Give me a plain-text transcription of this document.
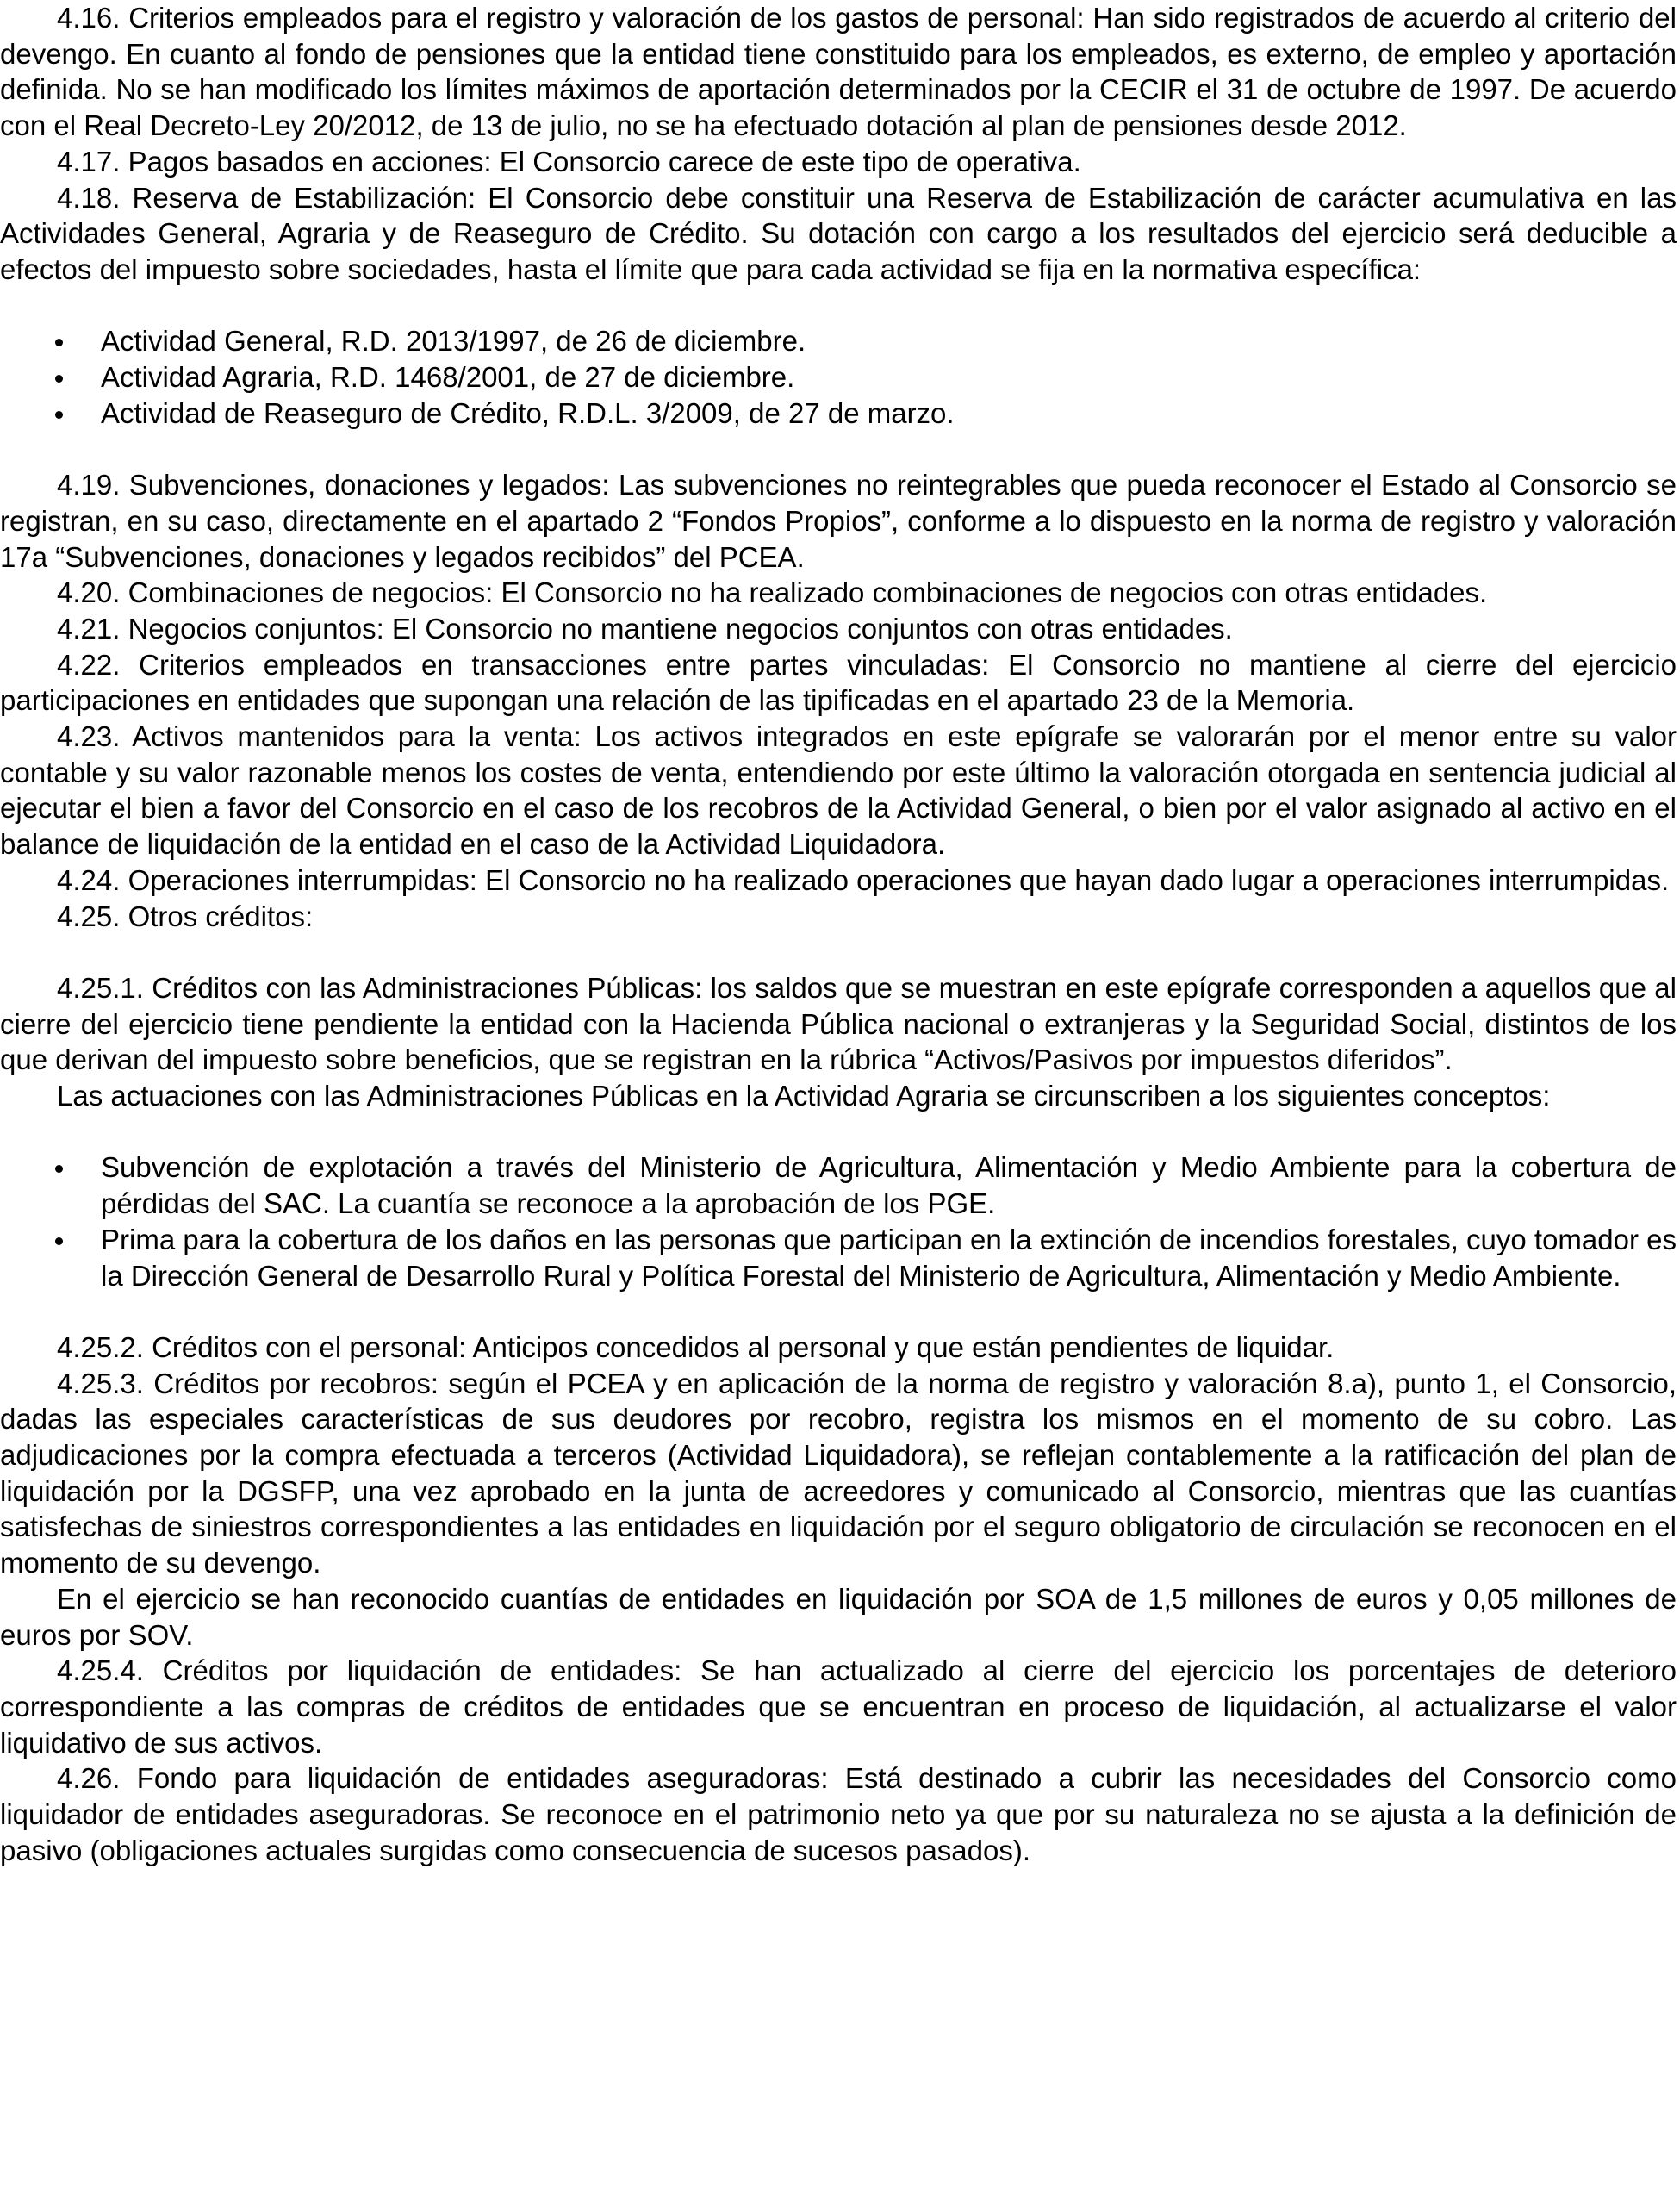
4.16. Criterios empleados para el registro y valoración de los gastos de personal: Han sido registrados de acuerdo al criterio del devengo. En cuanto al fondo de pensiones que la entidad tiene constituido para los empleados, es externo, de empleo y aportación definida. No se han modificado los límites máximos de aportación determinados por la CECIR el 31 de octubre de 1997. De acuerdo con el Real Decreto-Ley 20/2012, de 13 de julio, no se ha efectuado dotación al plan de pensiones desde 2012.

4.17. Pagos basados en acciones: El Consorcio carece de este tipo de operativa.

4.18. Reserva de Estabilización: El Consorcio debe constituir una Reserva de Estabilización de carácter acumulativa en las Actividades General, Agraria y de Reaseguro de Crédito. Su dotación con cargo a los resultados del ejercicio será deducible a efectos del impuesto sobre sociedades, hasta el límite que para cada actividad se fija en la normativa específica:

Actividad General, R.D. 2013/1997, de 26 de diciembre.
Actividad Agraria, R.D. 1468/2001, de 27 de diciembre.
Actividad de Reaseguro de Crédito, R.D.L. 3/2009, de 27 de marzo.

4.19. Subvenciones, donaciones y legados: Las subvenciones no reintegrables que pueda reconocer el Estado al Consorcio se registran, en su caso, directamente en el apartado 2 “Fondos Propios”, conforme a lo dispuesto en la norma de registro y valoración 17a “Subvenciones, donaciones y legados recibidos” del PCEA.

4.20. Combinaciones de negocios: El Consorcio no ha realizado combinaciones de negocios con otras entidades.

4.21. Negocios conjuntos: El Consorcio no mantiene negocios conjuntos con otras entidades.

4.22. Criterios empleados en transacciones entre partes vinculadas: El Consorcio no mantiene al cierre del ejercicio participaciones en entidades que supongan una relación de las tipificadas en el apartado 23 de la Memoria.

4.23. Activos mantenidos para la venta: Los activos integrados en este epígrafe se valorarán por el menor entre su valor contable y su valor razonable menos los costes de venta, entendiendo por este último la valoración otorgada en sentencia judicial al ejecutar el bien a favor del Consorcio en el caso de los recobros de la Actividad General, o bien por el valor asignado al activo en el balance de liquidación de la entidad en el caso de la Actividad Liquidadora.

4.24. Operaciones interrumpidas: El Consorcio no ha realizado operaciones que hayan dado lugar a operaciones interrumpidas.

4.25. Otros créditos:

4.25.1. Créditos con las Administraciones Públicas: los saldos que se muestran en este epígrafe corresponden a aquellos que al cierre del ejercicio tiene pendiente la entidad con la Hacienda Pública nacional o extranjeras y la Seguridad Social, distintos de los que derivan del impuesto sobre beneficios, que se registran en la rúbrica “Activos/Pasivos por impuestos diferidos”.

Las actuaciones con las Administraciones Públicas en la Actividad Agraria se circunscriben a los siguientes conceptos:

Subvención de explotación a través del Ministerio de Agricultura, Alimentación y Medio Ambiente para la cobertura de pérdidas del SAC. La cuantía se reconoce a la aprobación de los PGE.
Prima para la cobertura de los daños en las personas que participan en la extinción de incendios forestales, cuyo tomador es la Dirección General de Desarrollo Rural y Política Forestal del Ministerio de Agricultura, Alimentación y Medio Ambiente.

4.25.2. Créditos con el personal: Anticipos concedidos al personal y que están pendientes de liquidar.

4.25.3. Créditos por recobros: según el PCEA y en aplicación de la norma de registro y valoración 8.a), punto 1, el Consorcio, dadas las especiales características de sus deudores por recobro, registra los mismos en el momento de su cobro. Las adjudicaciones por la compra efectuada a terceros (Actividad Liquidadora), se reflejan contablemente a la ratificación del plan de liquidación por la DGSFP, una vez aprobado en la junta de acreedores y comunicado al Consorcio, mientras que las cuantías satisfechas de siniestros correspondientes a las entidades en liquidación por el seguro obligatorio de circulación se reconocen en el momento de su devengo.

En el ejercicio se han reconocido cuantías de entidades en liquidación por SOA de 1,5 millones de euros y 0,05 millones de euros por SOV.

4.25.4. Créditos por liquidación de entidades: Se han actualizado al cierre del ejercicio los porcentajes de deterioro correspondiente a las compras de créditos de entidades que se encuentran en proceso de liquidación, al actualizarse el valor liquidativo de sus activos.

4.26. Fondo para liquidación de entidades aseguradoras: Está destinado a cubrir las necesidades del Consorcio como liquidador de entidades aseguradoras. Se reconoce en el patrimonio neto ya que por su naturaleza no se ajusta a la definición de pasivo (obligaciones actuales surgidas como consecuencia de sucesos pasados).
